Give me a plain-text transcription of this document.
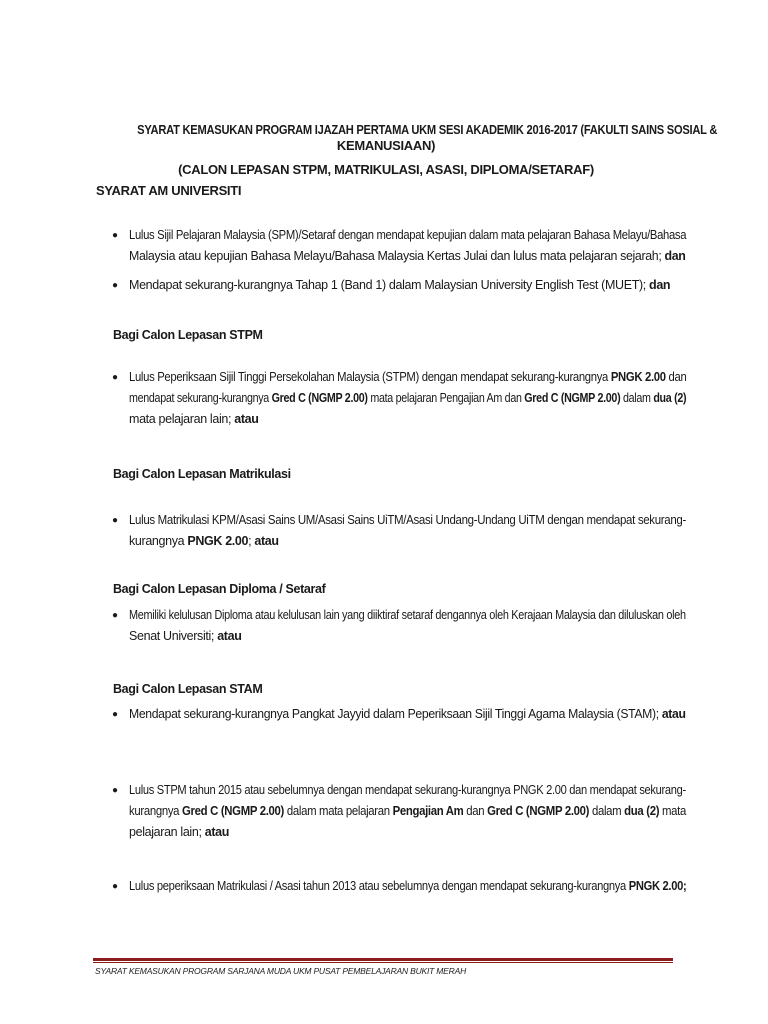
SYARAT KEMASUKAN PROGRAM IJAZAH PERTAMA UKM SESI AKADEMIK 2016-2017 (FAKULTI SAINS SOSIAL &
KEMANUSIAAN)
(CALON LEPASAN STPM, MATRIKULASI, ASASI, DIPLOMA/SETARAF)
SYARAT AM UNIVERSITI
● Lulus Sijil Pelajaran Malaysia (SPM)/Setaraf dengan mendapat kepujian dalam mata pelajaran Bahasa Melayu/Bahasa
Malaysia atau kepujian Bahasa Melayu/Bahasa Malaysia Kertas Julai dan lulus mata pelajaran sejarah; dan
● Mendapat sekurang-kurangnya Tahap 1 (Band 1) dalam Malaysian University English Test (MUET); dan
Bagi Calon Lepasan STPM
● Lulus Peperiksaan Sijil Tinggi Persekolahan Malaysia (STPM) dengan mendapat sekurang-kurangnya PNGK 2.00 dan
mendapat sekurang-kurangnya Gred C (NGMP 2.00) mata pelajaran Pengajian Am dan Gred C (NGMP 2.00) dalam dua (2)
mata pelajaran lain; atau
Bagi Calon Lepasan Matrikulasi
● Lulus Matrikulasi KPM/Asasi Sains UM/Asasi Sains UiTM/Asasi Undang-Undang UiTM dengan mendapat sekurang-
kurangnya PNGK 2.00; atau
Bagi Calon Lepasan Diploma / Setaraf
● Memiliki kelulusan Diploma atau kelulusan lain yang diiktiraf setaraf dengannya oleh Kerajaan Malaysia dan diluluskan oleh
Senat Universiti; atau
Bagi Calon Lepasan STAM
● Mendapat sekurang-kurangnya Pangkat Jayyid dalam Peperiksaan Sijil Tinggi Agama Malaysia (STAM); atau
● Lulus STPM tahun 2015 atau sebelumnya dengan mendapat sekurang-kurangnya PNGK 2.00 dan mendapat sekurang-
kurangnya Gred C (NGMP 2.00) dalam mata pelajaran Pengajian Am dan Gred C (NGMP 2.00) dalam dua (2) mata
pelajaran lain; atau
● Lulus peperiksaan Matrikulasi / Asasi tahun 2013 atau sebelumnya dengan mendapat sekurang-kurangnya PNGK 2.00;
SYARAT KEMASUKAN PROGRAM SARJANA MUDA UKM PUSAT PEMBELAJARAN BUKIT MERAH
